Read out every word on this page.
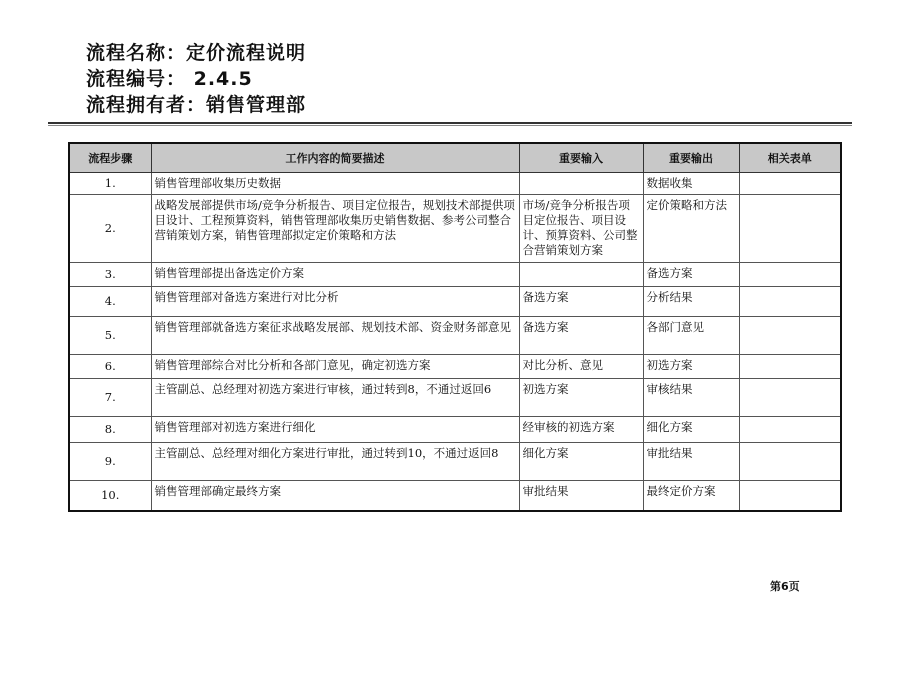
流程名称：定价流程说明
流程编号： 2.4.5
流程拥有者：销售管理部
流程步骤	工作内容的简要描述	重要输入	重要输出	相关表单
1.	销售管理部收集历史数据		数据收集	
2.	战略发展部提供市场/竞争分析报告、项目定位报告，规划技术部提供项目设计、工程预算资料，销售管理部收集历史销售数据、参考公司整合营销策划方案，销售管理部拟定定价策略和方法	市场/竞争分析报告项目定位报告、项目设计、预算资料、公司整合营销策划方案	定价策略和方法	
3.	销售管理部提出备选定价方案		备选方案	
4.	销售管理部对备选方案进行对比分析	备选方案	分析结果	
5.	销售管理部就备选方案征求战略发展部、规划技术部、资金财务部意见	备选方案	各部门意见	
6.	销售管理部综合对比分析和各部门意见，确定初选方案	对比分析、意见	初选方案	
7.	主管副总、总经理对初选方案进行审核，通过转到8，不通过返回6	初选方案	审核结果	
8.	销售管理部对初选方案进行细化	经审核的初选方案	细化方案	
9.	主管副总、总经理对细化方案进行审批，通过转到10，不通过返回8	细化方案	审批结果	
10.	销售管理部确定最终方案	审批结果	最终定价方案	
第6页
